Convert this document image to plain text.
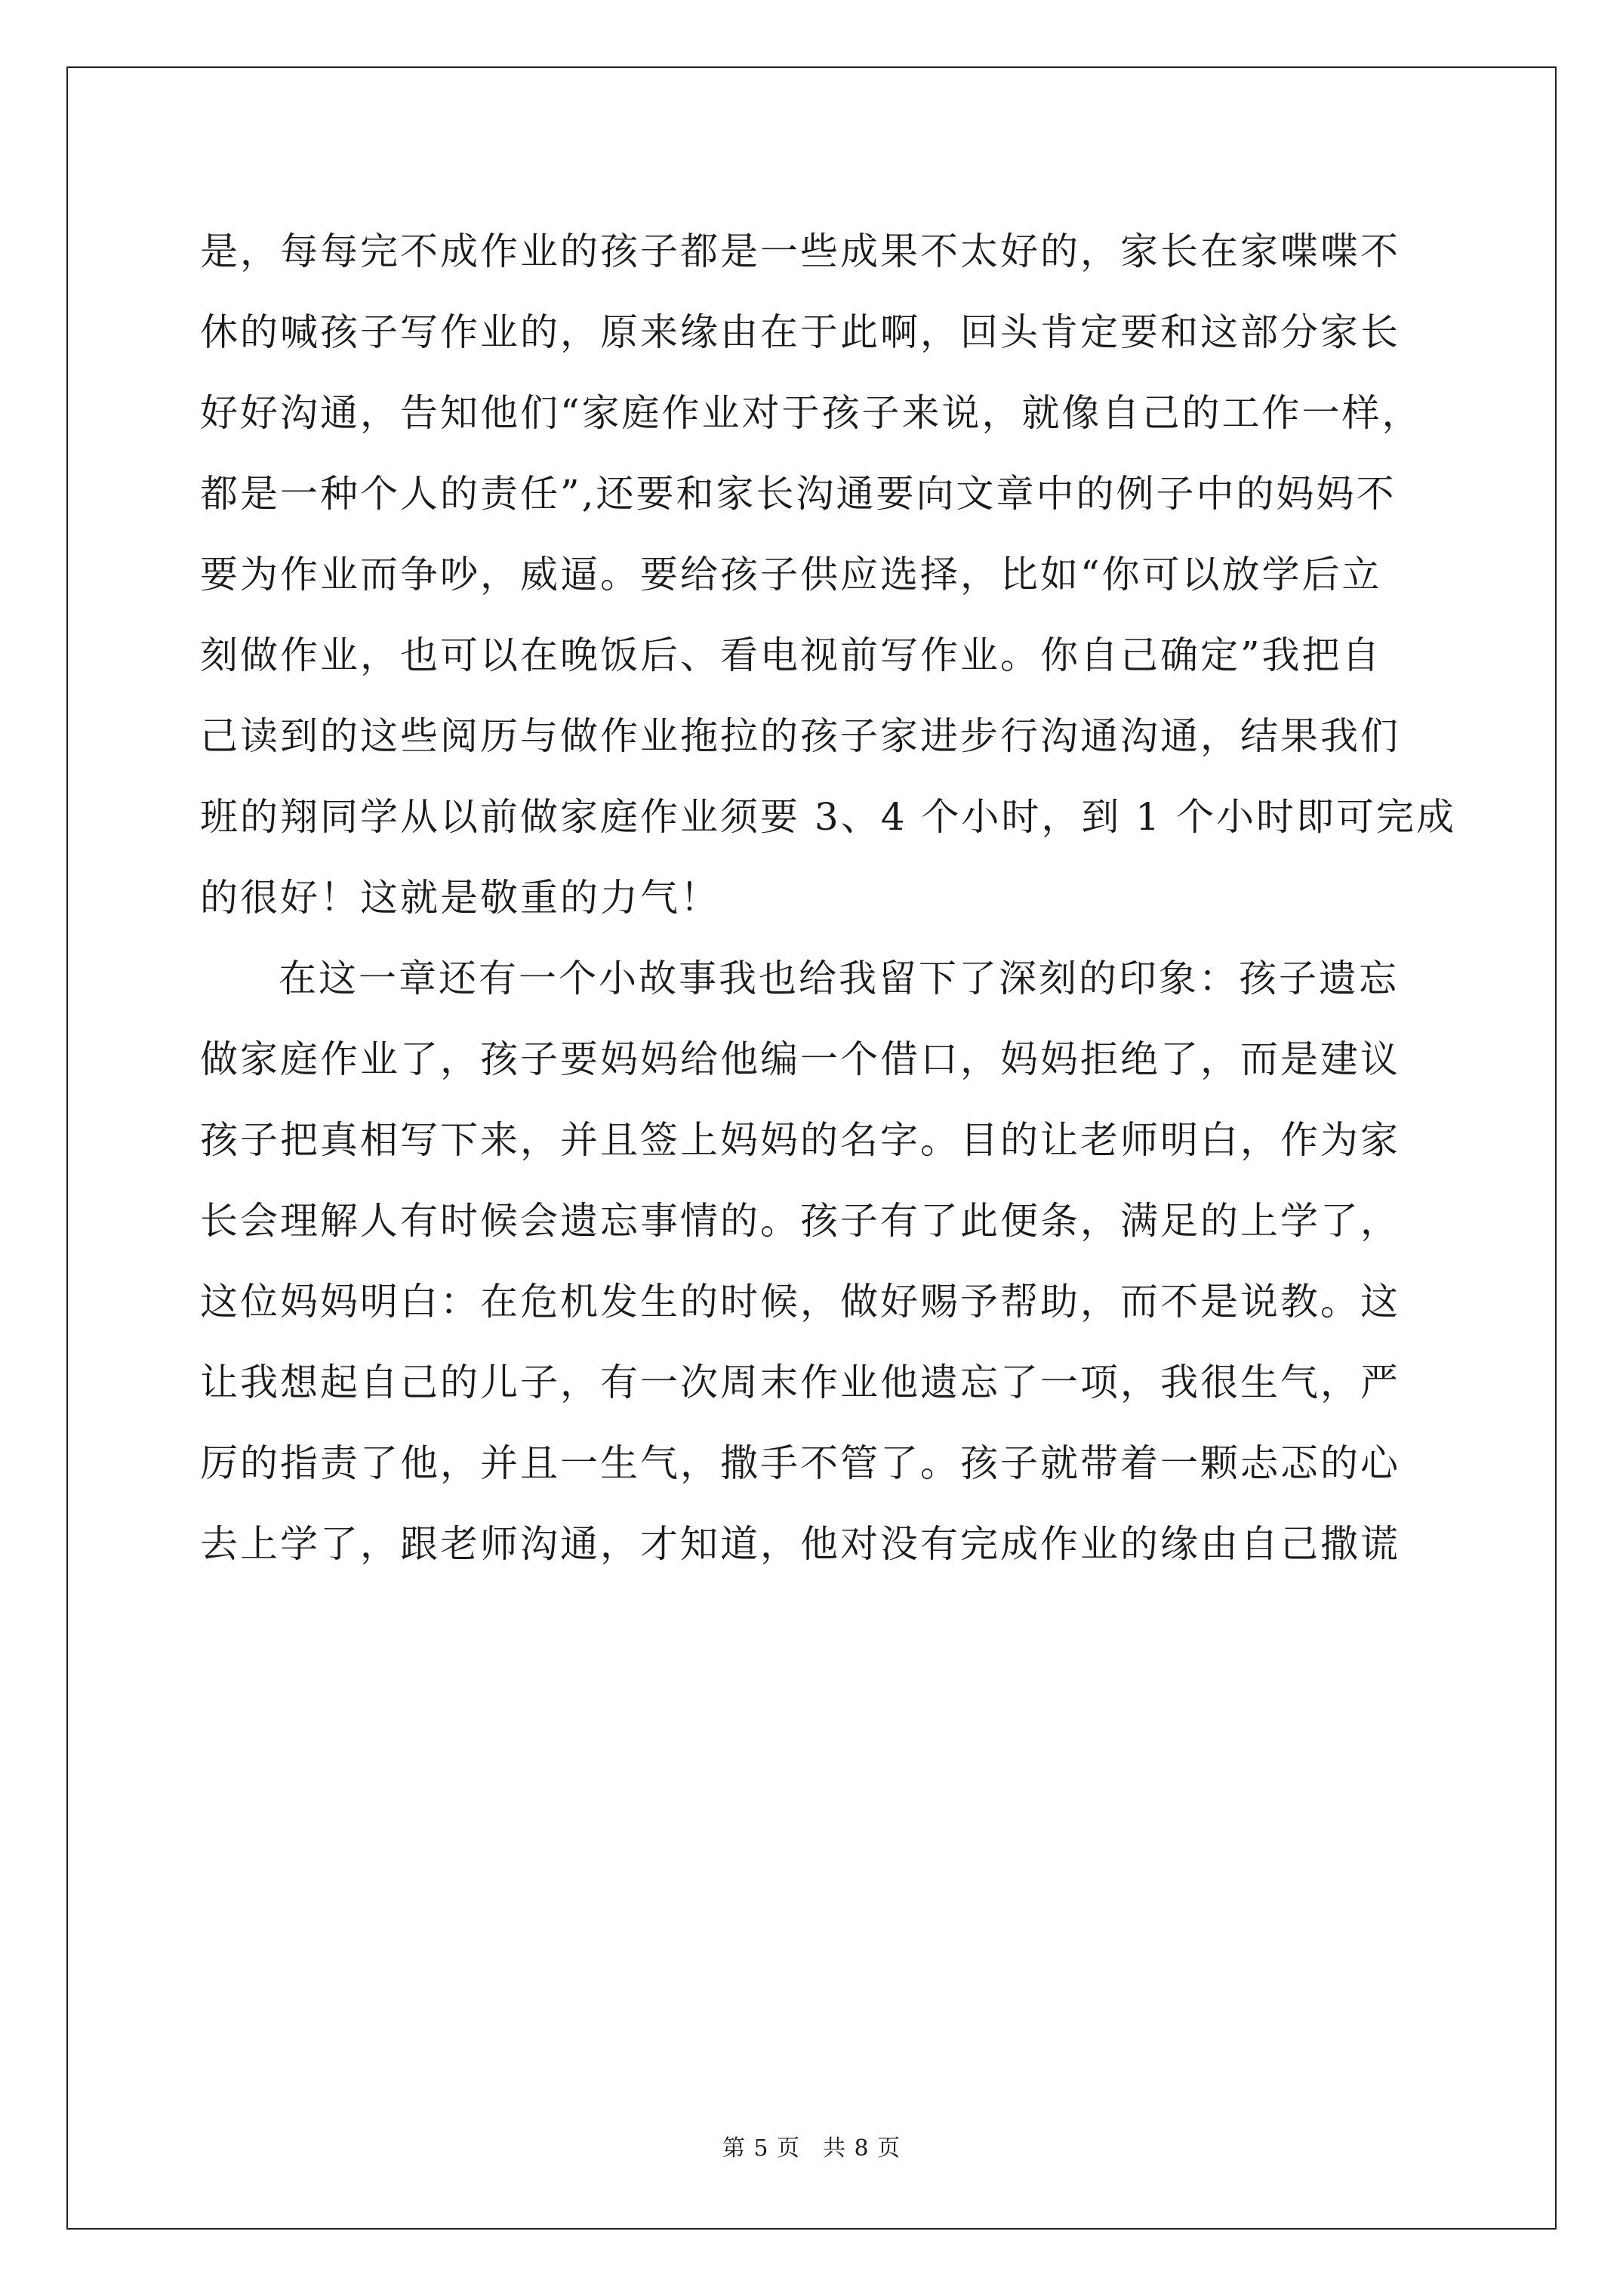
是，每每完不成作业的孩子都是一些成果不太好的，家长在家喋喋不
休的喊孩子写作业的，原来缘由在于此啊，回头肯定要和这部分家长
好好沟通，告知他们“家庭作业对于孩子来说，就像自己的工作一样，
都是一种个人的责任”,还要和家长沟通要向文章中的例子中的妈妈不
要为作业而争吵，威逼。要给孩子供应选择，比如“你可以放学后立
刻做作业，也可以在晚饭后、看电视前写作业。你自己确定”我把自
己读到的这些阅历与做作业拖拉的孩子家进步行沟通沟通，结果我们
班的翔同学从以前做家庭作业须要 3、4 个小时，到 1 个小时即可完成
的很好！这就是敬重的力气！
在这一章还有一个小故事我也给我留下了深刻的印象：孩子遗忘
做家庭作业了，孩子要妈妈给他编一个借口，妈妈拒绝了，而是建议
孩子把真相写下来，并且签上妈妈的名字。目的让老师明白，作为家
长会理解人有时候会遗忘事情的。孩子有了此便条，满足的上学了，
这位妈妈明白：在危机发生的时候，做好赐予帮助，而不是说教。这
让我想起自己的儿子，有一次周末作业他遗忘了一项，我很生气，严
厉的指责了他，并且一生气，撒手不管了。孩子就带着一颗忐忑的心
去上学了，跟老师沟通，才知道，他对没有完成作业的缘由自己撒谎
第 5 页 共 8 页
